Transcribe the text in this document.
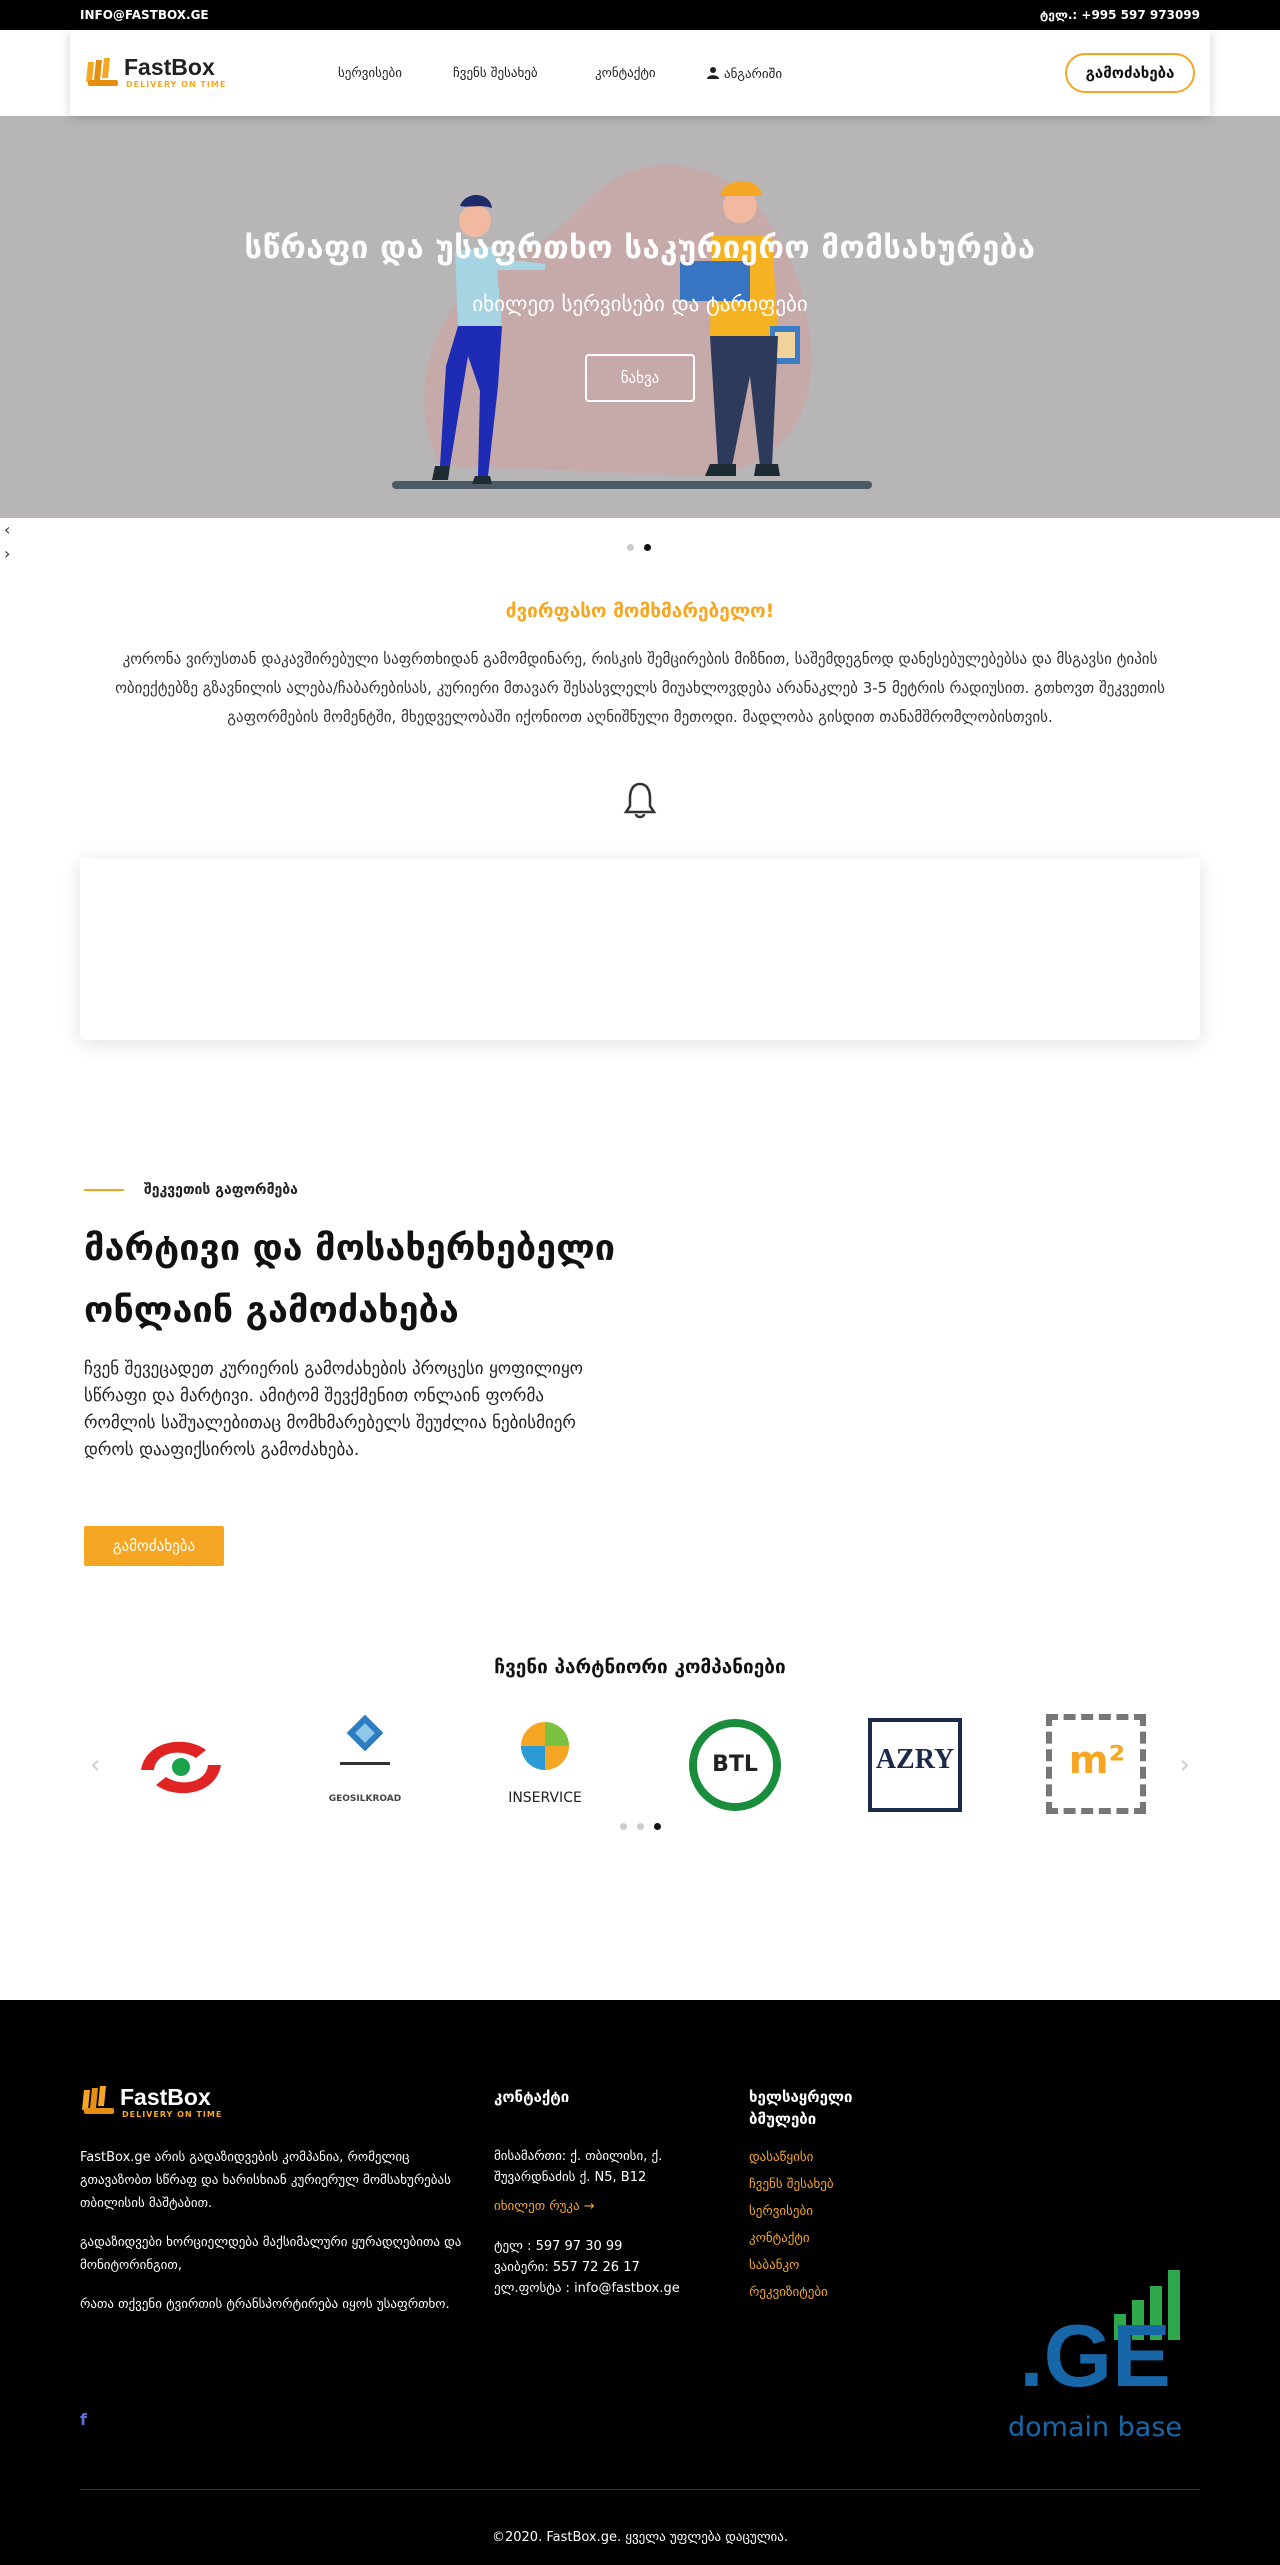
INFO@FASTBOX.GE	ტელ.: +995 597 973099
FastBox
DELIVERY ON TIME
სერვისები	ჩვენს შესახებ	კონტაქტი	ანგარიში	გამოძახება
სწრაფი და უსაფრთხო საკურიერო მომსახურება
იხილეთ სერვისები და ტარიფები
ნახვა
‹
›
ძვირფასო მომხმარებელო!
კორონა ვირუსთან დაკავშირებული საფრთხიდან გამომდინარე, რისკის შემცირების მიზნით, საშემდეგნოდ დანესებულებებსა და მსგავსი ტიპის ობიექტებზე გზავნილის ალება/ჩაბარებისას, კურიერი მთავარ შესასვლელს მიუახლოვდება არანაკლებ 3-5 მეტრის რადიუსით. გთხოვთ შეკვეთის გაფორმების მომენტში, მხედველობაში იქონიოთ აღნიშნული მეთოდი. მადლობა გისდით თანამშრომლობისთვის.
შეკვეთის გაფორმება
მარტივი და მოსახერხებელი ონლაინ გამოძახება
ჩვენ შევეცადეთ კურიერის გამოძახების პროცესი ყოფილიყო სწრაფი და მარტივი. ამიტომ შევქმენით ონლაინ ფორმა რომლის საშუალებითაც მომხმარებელს შეუძლია ნებისმიერ დროს დააფიქსიროს გამოძახება.
გამოძახება
ჩვენი პარტნიორი კომპანიები
‹	›
GEOSILKROAD	INSERVICE
BTL	AZRY	m²
FastBox
DELIVERY ON TIME

FastBox.ge არის გადაზიდვების კომპანია, რომელიც გთავაზობთ სწრაფ და ხარისხიან კურიერულ მომსახურებას თბილისის მაშტაბით.

გადაზიდვები ხორციელდება მაქსიმალური ყურადღებითა და მონიტორინგით,

რათა თქვენი ტვირთის ტრანსპორტირება იყოს უსაფრთხო.

f
კონტაქტი
მისამართი: ქ. თბილისი, ქ. შუვარდნაძის ქ. N5, B12
იხილეთ რუკა →
ტელ : 597 97 30 99
ვაიბერი: 557 72 26 17
ელ.ფოსტა : info@fastbox.ge
ხელსაყრელი ბმულები
დასაწყისი
ჩვენს შესახებ
სერვისები
კონტაქტი
საბანკო
რეკვიზიტები
.GE
domain base
©2020. FastBox.ge. ყველა უფლება დაცულია.
